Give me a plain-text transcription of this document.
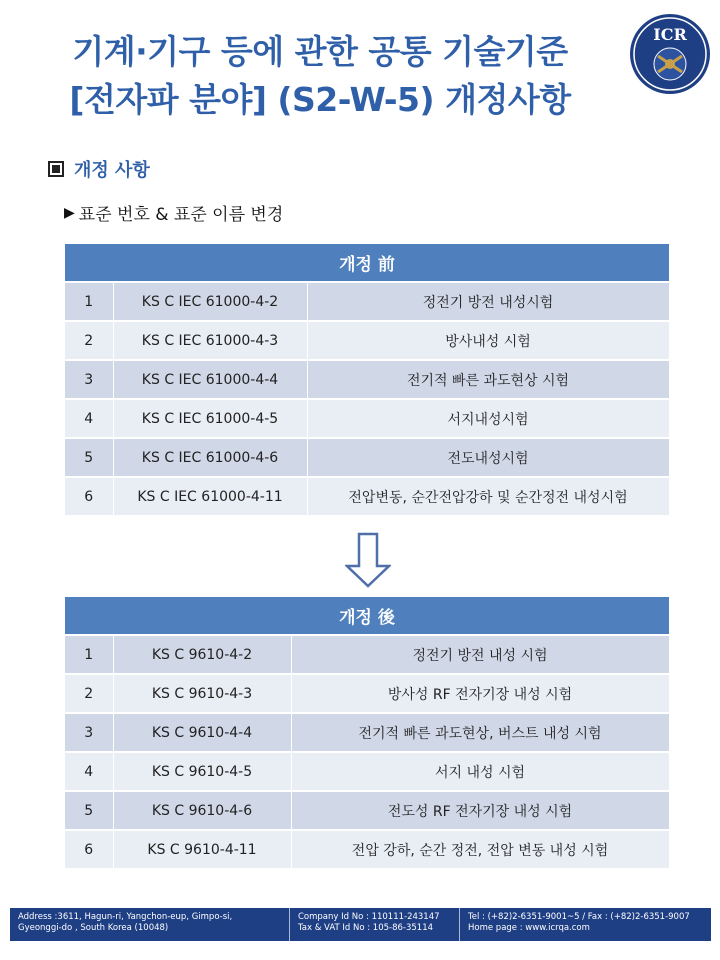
기계·기구 등에 관한 공통 기술기준
[전자파 분야] (S2-W-5) 개정사항
ICR
개정 사항
▶ 표준 번호 & 표준 이름 변경
개정 前		
1	KS C IEC 61000-4-2	정전기 방전 내성시험
2	KS C IEC 61000-4-3	방사내성 시험
3	KS C IEC 61000-4-4	전기적 빠른 과도현상 시험
4	KS C IEC 61000-4-5	서지내성시험
5	KS C IEC 61000-4-6	전도내성시험
6	KS C IEC 61000-4-11	전압변동, 순간전압강하 및 순간정전 내성시험
개정 後		
1	KS C 9610-4-2	정전기 방전 내성 시험
2	KS C 9610-4-3	방사성 RF 전자기장 내성 시험
3	KS C 9610-4-4	전기적 빠른 과도현상, 버스트 내성 시험
4	KS C 9610-4-5	서지 내성 시험
5	KS C 9610-4-6	전도성 RF 전자기장 내성 시험
6	KS C 9610-4-11	전압 강하, 순간 정전, 전압 변동 내성 시험
Address :3611, Hagun-ri, Yangchon-eup, Gimpo-si,
Gyeonggi-do , South Korea (10048)
Company Id No : 110111-243147
Tax & VAT Id No : 105-86-35114
Tel : (+82)2-6351-9001~5 / Fax : (+82)2-6351-9007
Home page : www.icrqa.com
